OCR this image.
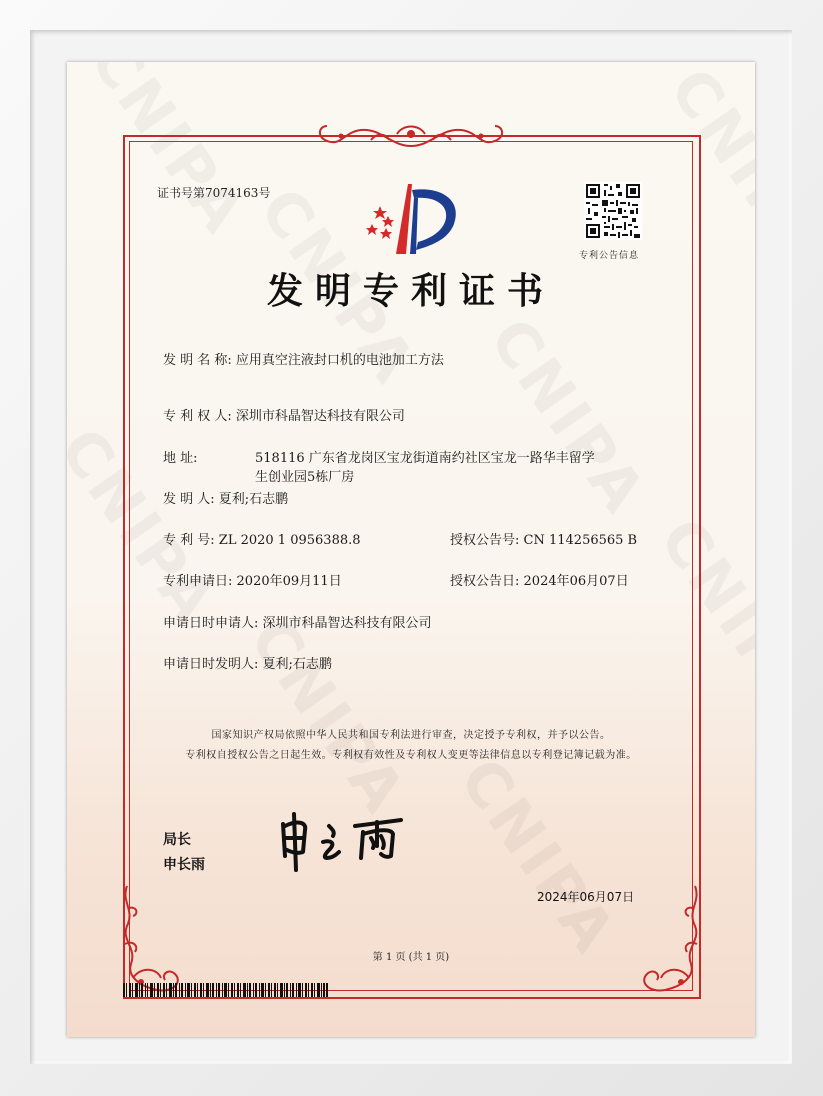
证书号第7074163号
专利公告信息
发明专利证书
发 明 名 称: 应用真空注液封口机的电池加工方法
专 利 权 人: 深圳市科晶智达科技有限公司
地 址:	518116 广东省龙岗区宝龙街道南约社区宝龙一路华丰留学
生创业园5栋厂房
发 明 人: 夏利;石志鹏
专 利 号: ZL 2020 1 0956388.8	授权公告号: CN 114256565 B
专利申请日: 2020年09月11日	授权公告日: 2024年06月07日
申请日时申请人: 深圳市科晶智达科技有限公司
申请日时发明人: 夏利;石志鹏
国家知识产权局依照中华人民共和国专利法进行审查，决定授予专利权，并予以公告。
专利权自授权公告之日起生效。专利权有效性及专利权人变更等法律信息以专利登记簿记载为准。
局长
申长雨
2024年06月07日
第 1 页 (共 1 页)
